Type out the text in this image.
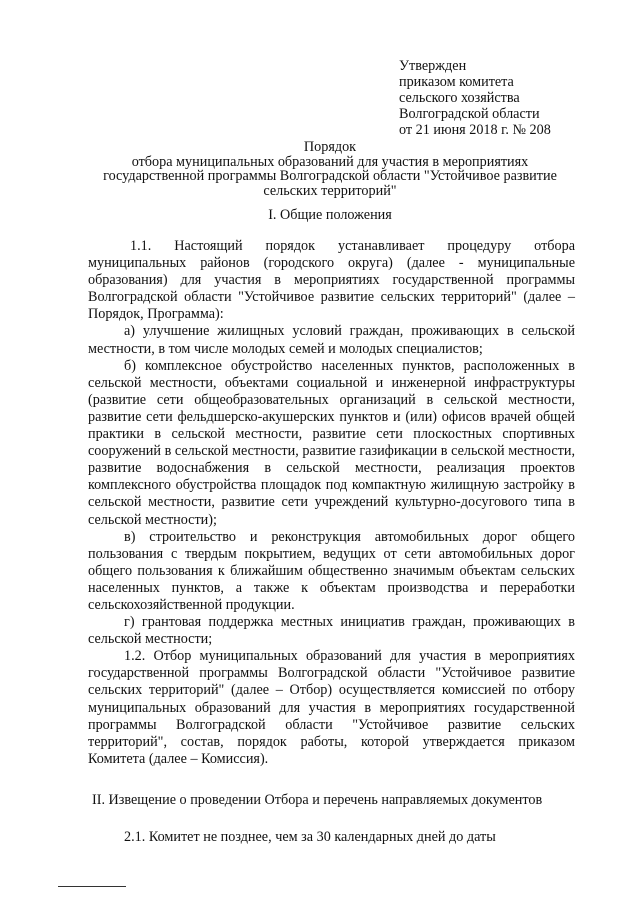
Утвержден
приказом комитета
сельского хозяйства
Волгоградской области
от 21 июня 2018 г. № 208
Порядок
отбора муниципальных образований для участия в мероприятиях
государственной программы Волгоградской области "Устойчивое развитие
сельских территорий"
I. Общие положения

1.1. Настоящий порядок устанавливает процедуру отбора муниципальных районов (городского округа) (далее - муниципальные образования) для участия в мероприятиях государственной программы Волгоградской области "Устойчивое развитие сельских территорий" (далее – Порядок, Программа):

а) улучшение жилищных условий граждан, проживающих в сельской местности, в том числе молодых семей и молодых специалистов;

б) комплексное обустройство населенных пунктов, расположенных в сельской местности, объектами социальной и инженерной инфраструктуры (развитие сети общеобразовательных организаций в сельской местности, развитие сети фельдшерско-акушерских пунктов и (или) офисов врачей общей практики в сельской местности, развитие сети плоскостных спортивных сооружений в сельской местности, развитие газификации в сельской местности, развитие водоснабжения в сельской местности, реализация проектов комплексного обустройства площадок под компактную жилищную застройку в сельской местности, развитие сети учреждений культурно-досугового типа в сельской местности);

в) строительство и реконструкция автомобильных дорог общего пользования с твердым покрытием, ведущих от сети автомобильных дорог общего пользования к ближайшим общественно значимым объектам сельских населенных пунктов, а также к объектам производства и переработки сельскохозяйственной продукции.

г) грантовая поддержка местных инициатив граждан, проживающих в сельской местности;

1.2. Отбор муниципальных образований для участия в мероприятиях государственной программы Волгоградской области "Устойчивое развитие сельских территорий" (далее – Отбор) осуществляется комиссией по отбору муниципальных образований для участия в мероприятиях государственной программы Волгоградской области "Устойчивое развитие сельских территорий", состав, порядок работы, которой утверждается приказом Комитета (далее – Комиссия).

II. Извещение о проведении Отбора и перечень направляемых документов
2.1. Комитет не позднее, чем за 30 календарных дней до даты
